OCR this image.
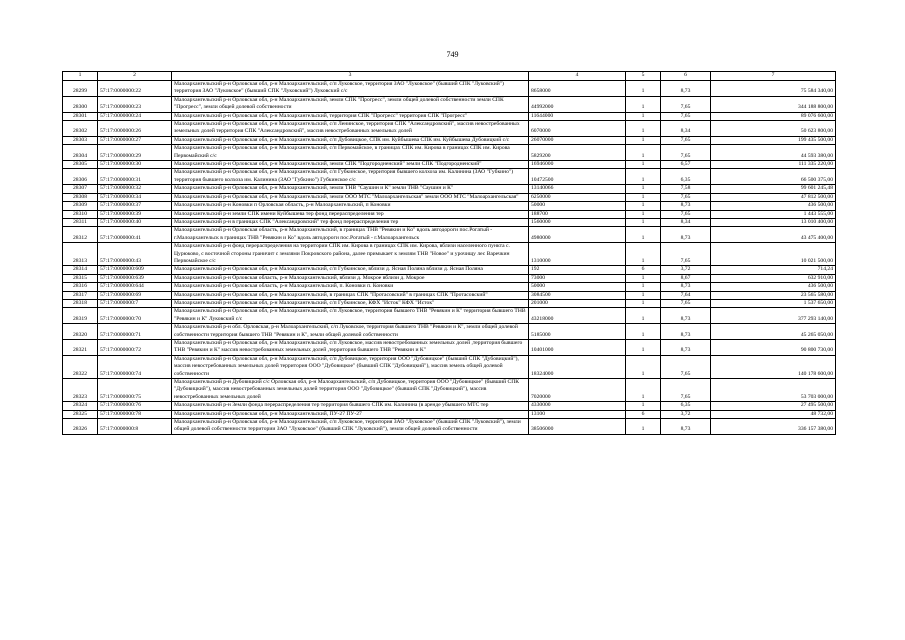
749
1	2	3	4	5	6	7
28299	57:17:0000000:22	Малоархангельский р-н Орловская обл, р-н Малоархангельский, с/п Луковское, территория ЗАО "Луковское" (бывший СПК "Луковский") территория ЗАО "Луковское" (бывший СПК "Луковский") Луковский с/с	8658000	1	8,73	75 584 340,00
28300	57:17:0000000:23	Малоархангельский р-н Орловская обл, р-н Малоархангельский, земли СПК "Прогресс", земли общей долевой собственности земли СПК "Прогресс", земли общей долевой собственности	44992000	1	7,65	344 188 800,00
28301	57:17:0000000:24	Малоархангельский р-н Орловская обл, р-н Малоархангельский, территория СПК "Прогресс" территория СПК "Прогресс"	11644000	1	7,65	89 076 600,00
28302	57:17:0000000:26	Малоархангельский р-н Орловская обл, р-н Малоархангельский, с/п Ленинское, территория СПК "Александровский", массив невостребованных земельных долей территория СПК "Александровский", массив невостребованных земельных долей	6070000	1	8,34	50 623 800,00
28303	57:17:0000000:27	Малоархангельский р-н Орловская обл, р-н Малоархангельский, с/п Дубовицкое, СПК им. Куйбышева СПК им. Куйбышева Дубовицкий с/с	26070000	1	7,65	199 435 500,00
28304	57:17:0000000:29	Малоархангельский р-н Орловская обл, р-н Малоархангельский, с/п Первомайское, в границах СПК им. Кирова в границах СПК им. Кирова Первомайский с/с	5829200	1	7,65	44 593 380,00
28305	57:17:0000000:30	Малоархангельский р-н Орловская обл, р-н Малоархангельский, земли СПК "Подгородненский" земли СПК "Подгородненский"	16946000	1	6,57	111 335 220,00
28306	57:17:0000000:31	Малоархангельский р-н Орловская обл, р-н Малоархангельский, с/п Губкинское, территория бывшего колхоза им. Калинина (ЗАО "Губкино") территория бывшего колхоза им. Калинина (ЗАО "Губкино") Губкинское с/с	10472500	1	6,35	66 500 375,00
28307	57:17:0000000:32	Малоархангельский р-н Орловская обл, р-н Малоархангельский, земли ТНВ "Саушин и К" земли ТНВ "Саушин и К"	13140066	1	7,58	99 601 245,48
28308	57:17:0000000:34	Малоархангельский р-н Орловская обл, р-н Малоархангельский, земли ООО МТС "Малоархангельская" земли ООО МТС "Малоархангельская"	6250000	1	7,65	47 812 500,00
28309	57:17:0000000:37	Малоархангельский р-н Коновки п Орловская область, р-н Малоархангельский, п Коновки	50000	1	8,73	436 500,00
28310	57:17:0000000:39	Малоархангельский р-н земли СПК имени Куйбышева тер фонд перераспределения тер	188700	1	7,65	1 443 555,00
28311	57:17:0000000:40	Малоархангельский р-н в границах СПК "Александровский" тер фонд перераспределения тер	1560000	1	8,34	13 010 400,00
28312	57:17:0000000:41	Малоархангельский р-н Орловская область, р-н Малоархангельский, в границах ТНВ "Ревякин и Ко" вдоль автодороги пос.Рогатый - г.Малоархангельск в границах ТНВ "Ревякин и Ко" вдоль автодороги пос.Рогатый - г.Малоархангельск	4980000	1	8,73	43 475 400,00
28313	57:17:0000000:43	Малоархангельский р-н фонд перераспределения на территории СПК им. Кирова в границах СПК им. Кирова, вблизи населенного пункта с. Цурюково, с восточной стороны граничит с землями Покровского района, далее примыкает к землям ТНВ "Новое" и урочищу лес Варечкин Первомайское с/с	1310000	1	7,65	10 021 500,00
28314	57:17:0000000:609	Малоархангельский р-н Орловская обл, р-н Малоархангельский, с/п Губкинское, вблизи д. Ясная Поляна вблизи д. Ясная Поляна	192	6	3,72	714,24
28315	57:17:0000000:639	Малоархангельский р-н Орловская область, р-н Малоархангельский, вблизи д. Мокрое вблизи д. Мокрое	73000	1	8,67	632 910,00
28316	57:17:0000000:644	Малоархангельский р-н Орловская область, р-н Малоархангельский, п. Коновки п. Коновки	50000	1	8,73	436 500,00
28317	57:17:0000000:69	Малоархангельский р-н Орловская обл, р-н Малоархангельский, в границах СПК "Протасовский" в границах СПК "Протасовский"	3084500	1	7,64	23 565 580,00
28318	57:17:0000000:7	Малоархангельский р-н Орловская обл, р-н Малоархангельский, с/п Губкинское, КФХ "Исток" КФХ "Исток"	201000	1	7,65	1 537 650,00
28319	57:17:0000000:70	Малоархангельский р-н Орловская обл, р-н Малоархангельский, с/п Луковское, территория бывшего ТНВ "Ревякин и К" территория бывшего ТНВ "Ревякин и К" Луковский с/с	43218000	1	8,73	377 293 140,00
28320	57:17:0000000:71	Малоархангельский р-н обл. Орловская, р-н Малоархангельский, с/п Луковское, территория бывшего ТНВ "Ревякин и К", земли общей долевой собственности территория бывшего ТНВ "Ревякин и К", земли общей долевой собственности	5185000	1	8,73	45 265 050,00
28321	57:17:0000000:72	Малоархангельский р-н Орловская обл, р-н Малоархангельский, с/п Луковское, массив невостребованных земельных долей ,территория бывшего ТНВ "Ревякин и К" массив невостребованных земельных долей ,территория бывшего ТНВ "Ревякин и К"	10401000	1	8,73	90 800 730,00
28322	57:17:0000000:74	Малоархангельский р-н Орловская обл, р-н Малоархангельский, с/п Дубовицкое, территория ООО "Дубовицкое" (бывший СПК "Дубовицкий"), массив невостребованных земельных долей территория ООО "Дубовицкое" (бывший СПК "Дубовицкий"), массив земель общей долевой собственности	18324000	1	7,65	140 178 600,00
28323	57:17:0000000:75	Малоархангельский р-н Дубовицкий с/с Орловская обл, р-н Малоархангельский, с/п Дубовицкое, территория ООО "Дубовицкое" (бывший СПК "Дубовицкий"), массив невостребованных земельных долей территория ООО "Дубовицкое" (бывший СПК "Дубовицкий"), массив невостребованных земельных долей	7020000	1	7,65	53 703 000,00
28324	57:17:0000000:76	Малоархангельский р-н Земли фонда перераспределения тер территория бывшего СПК им. Калинина (в аренде убывшего МТС тер	4330000	1	6,35	27 495 500,00
28325	57:17:0000000:78	Малоархангельский р-н Орловская обл, р-н Малоархангельский, ПУ-27 ПУ-27	13100	6	3,72	48 732,00
28326	57:17:0000000:8	Малоархангельский р-н Орловская обл, р-н Малоархангельский, с/п Луковское, территория ЗАО "Луковское" (бывший СПК "Луковский"), земли общей долевой собственности территории ЗАО "Луковское" (бывший СПК "Луковский"), земли общей долевой собственности	38506000	1	8,73	336 157 380,00
